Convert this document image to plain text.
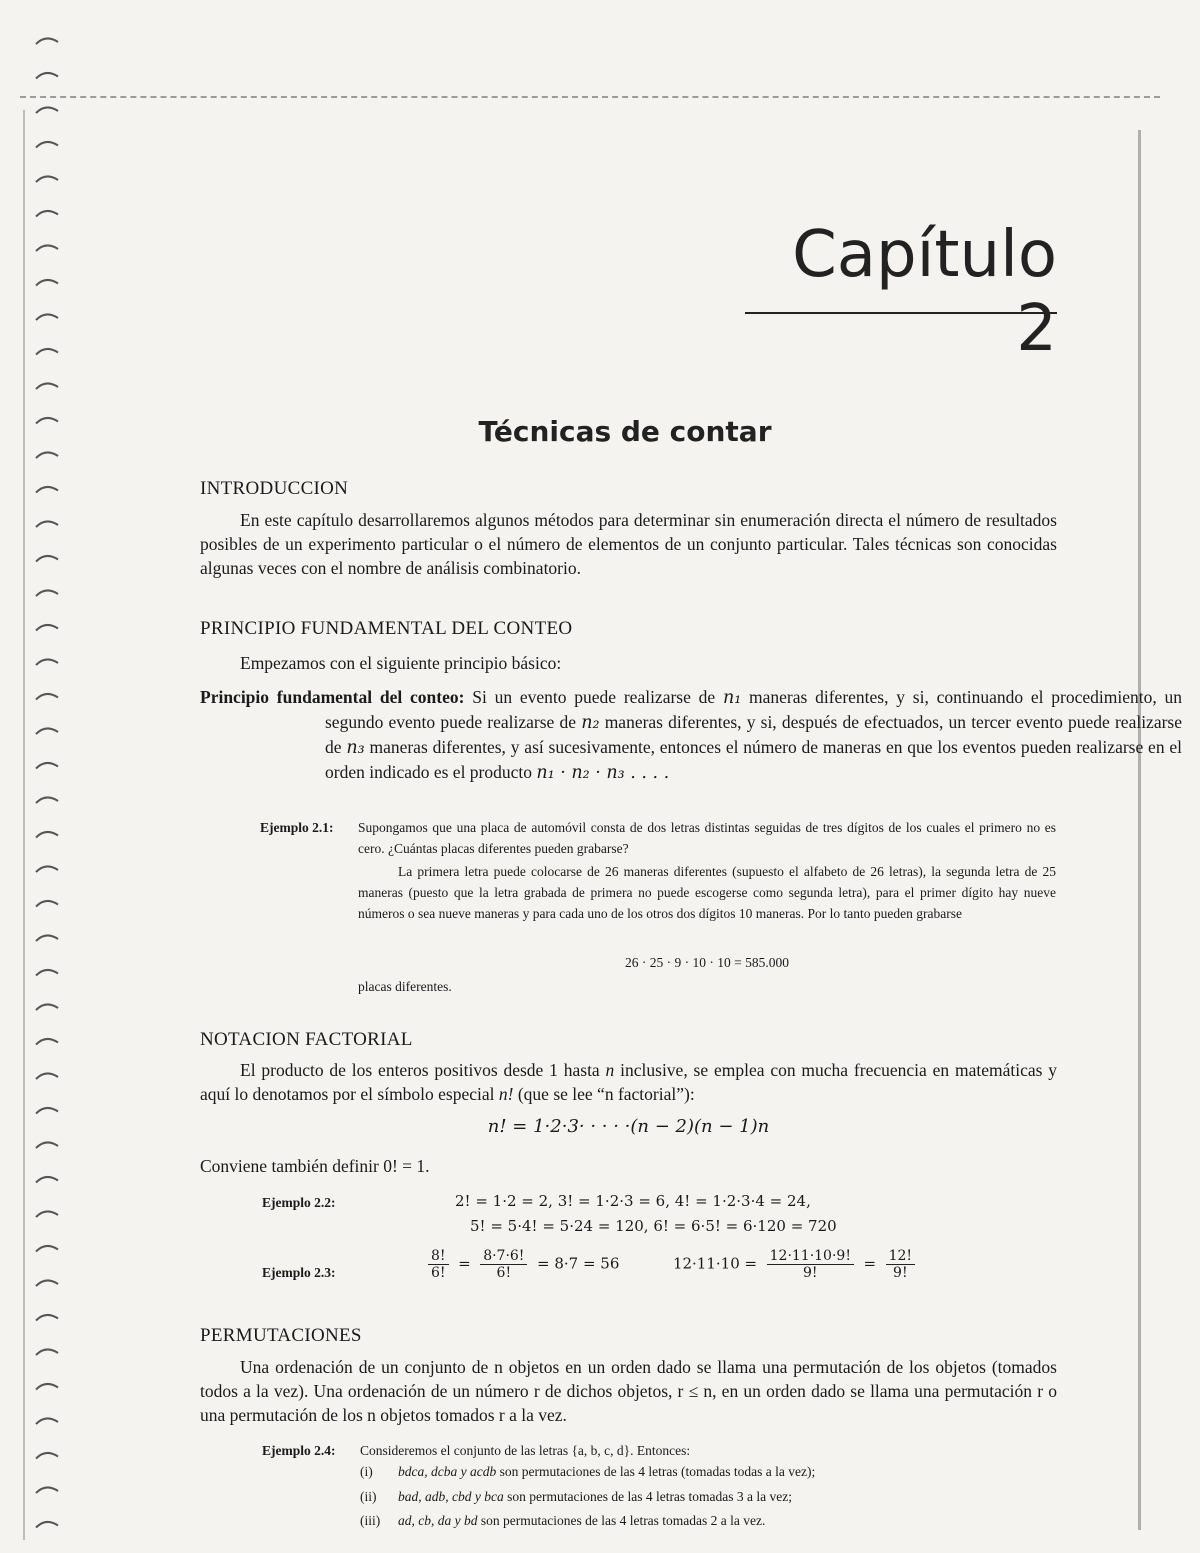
Capítulo 2
Técnicas de contar
INTRODUCCION
En este capítulo desarrollaremos algunos métodos para determinar sin enumeración directa el número de resultados posibles de un experimento particular o el número de elementos de un conjunto particular. Tales técnicas son conocidas algunas veces con el nombre de análisis combinatorio.
PRINCIPIO FUNDAMENTAL DEL CONTEO
Empezamos con el siguiente principio básico:
Principio fundamental del conteo: Si un evento puede realizarse de n₁ maneras diferentes, y si, continuando el procedimiento, un segundo evento puede realizarse de n₂ maneras diferentes, y si, después de efectuados, un tercer evento puede realizarse de n₃ maneras diferentes, y así sucesivamente, entonces el número de maneras en que los eventos pueden realizarse en el orden indicado es el producto n₁ · n₂ · n₃ . . . .
Ejemplo 2.1: Supongamos que una placa de automóvil consta de dos letras distintas seguidas de tres dígitos de los cuales el primero no es cero. ¿Cuántas placas diferentes pueden grabarse?
La primera letra puede colocarse de 26 maneras diferentes (supuesto el alfabeto de 26 letras), la segunda letra de 25 maneras (puesto que la letra grabada de primera no puede escogerse como segunda letra), para el primer dígito hay nueve números o sea nueve maneras y para cada uno de los otros dos dígitos 10 maneras. Por lo tanto pueden grabarse
26 · 25 · 9 · 10 · 10 = 585.000
placas diferentes.
NOTACION FACTORIAL
El producto de los enteros positivos desde 1 hasta n inclusive, se emplea con mucha frecuencia en matemáticas y aquí lo denotamos por el símbolo especial n! (que se lee “n factorial”):
n! = 1·2·3· · · · ·(n − 2)(n − 1)n
Conviene también definir 0! = 1.
Ejemplo 2.2:	2! = 1·2 = 2, 3! = 1·2·3 = 6, 4! = 1·2·3·4 = 24,
5! = 5·4! = 5·24 = 120, 6! = 6·5! = 6·120 = 720
Ejemplo 2.3:	$\frac{8!}{6!} = \frac{8\cdot 7\cdot 6!}{6!} = 8\cdot 7 = 56$	$12\cdot 11\cdot 10 = \frac{12\cdot 11\cdot 10\cdot 9!}{9!} = \frac{12!}{9!}$
PERMUTACIONES
Una ordenación de un conjunto de n objetos en un orden dado se llama una permutación de los objetos (tomados todos a la vez). Una ordenación de un número r de dichos objetos, r ≤ n, en un orden dado se llama una permutación r o una permutación de los n objetos tomados r a la vez.
Ejemplo 2.4: Consideremos el conjunto de las letras {a, b, c, d}. Entonces:
(i) bdca, dcba y acdb son permutaciones de las 4 letras (tomadas todas a la vez);
(ii) bad, adb, cbd y bca son permutaciones de las 4 letras tomadas 3 a la vez;
(iii) ad, cb, da y bd son permutaciones de las 4 letras tomadas 2 a la vez.
